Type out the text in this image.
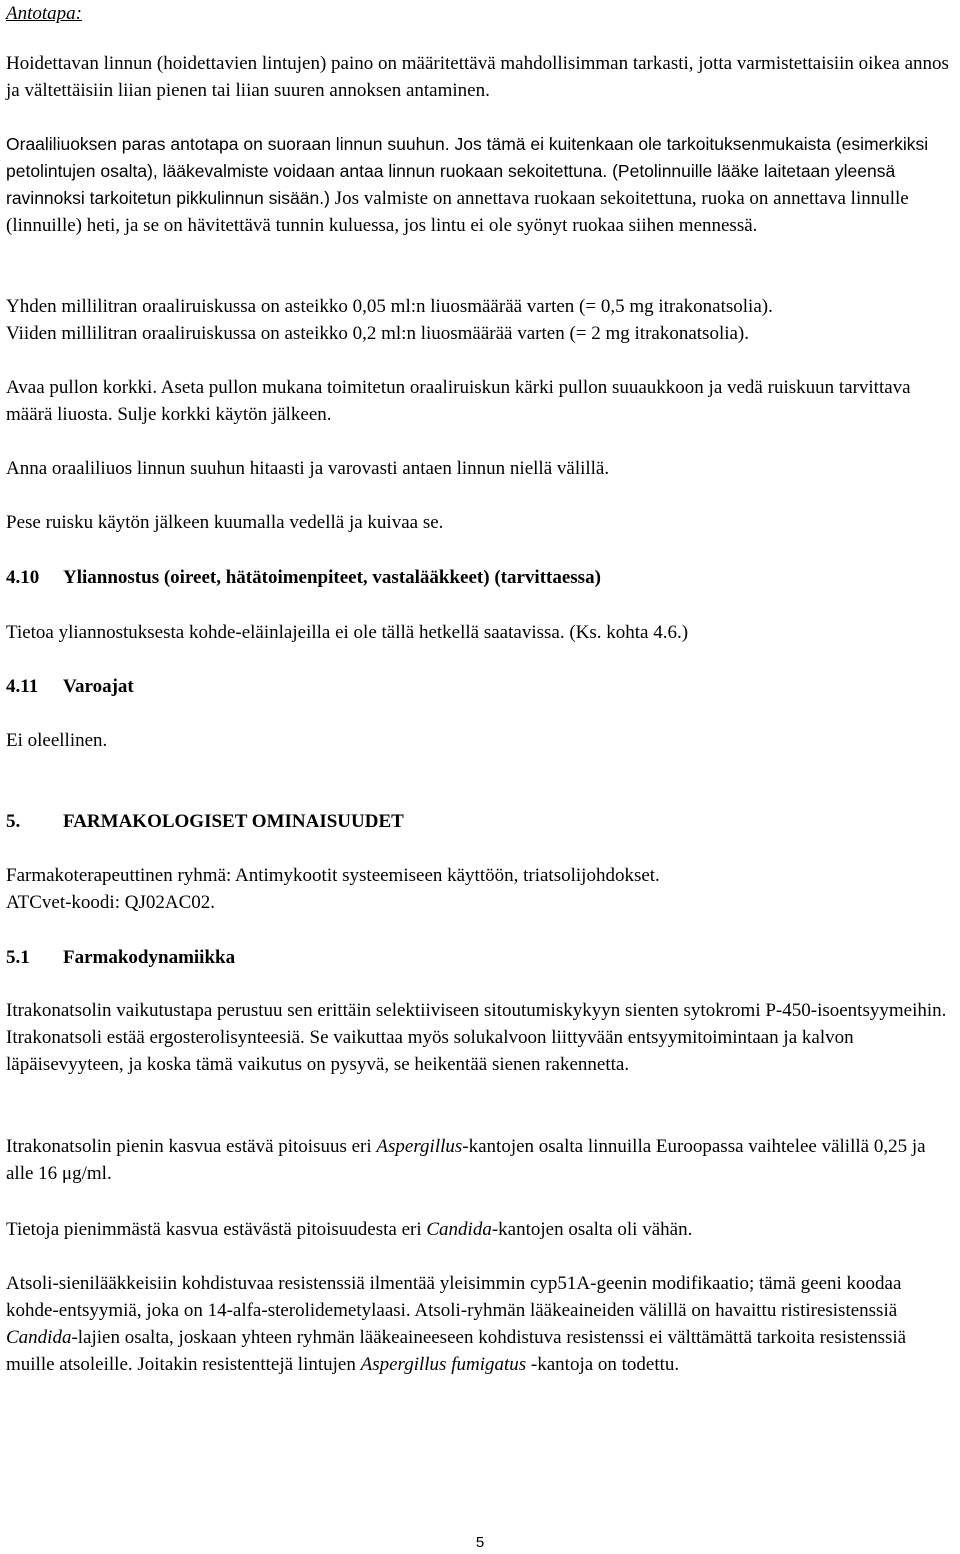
Antotapa:

Hoidettavan linnun (hoidettavien lintujen) paino on määritettävä mahdollisimman tarkasti, jotta varmistettaisiin oikea annos ja vältettäisiin liian pienen tai liian suuren annoksen antaminen.

Oraaliliuoksen paras antotapa on suoraan linnun suuhun. Jos tämä ei kuitenkaan ole tarkoituksenmukaista (esimerkiksi petolintujen osalta), lääkevalmiste voidaan antaa linnun ruokaan sekoitettuna. (Petolinnuille lääke laitetaan yleensä ravinnoksi tarkoitetun pikkulinnun sisään.) Jos valmiste on annettava ruokaan sekoitettuna, ruoka on annettava linnulle (linnuille) heti, ja se on hävitettävä tunnin kuluessa, jos lintu ei ole syönyt ruokaa siihen mennessä.

Yhden millilitran oraaliruiskussa on asteikko 0,05 ml:n liuosmäärää varten (= 0,5 mg itrakonatsolia).
Viiden millilitran oraaliruiskussa on asteikko 0,2 ml:n liuosmäärää varten (= 2 mg itrakonatsolia).

Avaa pullon korkki. Aseta pullon mukana toimitetun oraaliruiskun kärki pullon suuaukkoon ja vedä ruiskuun tarvittava määrä liuosta. Sulje korkki käytön jälkeen.

Anna oraaliliuos linnun suuhun hitaasti ja varovasti antaen linnun niellä välillä.

Pese ruisku käytön jälkeen kuumalla vedellä ja kuivaa se.

4.10 Yliannostus (oireet, hätätoimenpiteet, vastalääkkeet) (tarvittaessa)

Tietoa yliannostuksesta kohde-eläinlajeilla ei ole tällä hetkellä saatavissa. (Ks. kohta 4.6.)

4.11 Varoajat

Ei oleellinen.

5. FARMAKOLOGISET OMINAISUUDET
Farmakoterapeuttinen ryhmä: Antimykootit systeemiseen käyttöön, triatsolijohdokset.
ATCvet-koodi: QJ02AC02.
5.1 Farmakodynamiikka

Itrakonatsolin vaikutustapa perustuu sen erittäin selektiiviseen sitoutumiskykyyn sienten sytokromi P-450-isoentsyymeihin. Itrakonatsoli estää ergosterolisynteesiä. Se vaikuttaa myös solukalvoon liittyvään entsyymitoimintaan ja kalvon läpäisevyyteen, ja koska tämä vaikutus on pysyvä, se heikentää sienen rakennetta.

Itrakonatsolin pienin kasvua estävä pitoisuus eri Aspergillus-kantojen osalta linnuilla Euroopassa vaihtelee välillä 0,25 ja alle 16 μg/ml.

Tietoja pienimmästä kasvua estävästä pitoisuudesta eri Candida-kantojen osalta oli vähän.

Atsoli-sienilääkkeisiin kohdistuvaa resistenssiä ilmentää yleisimmin cyp51A-geenin modifikaatio; tämä geeni koodaa kohde-entsyymiä, joka on 14-alfa-sterolidemetylaasi. Atsoli-ryhmän lääkeaineiden välillä on havaittu ristiresistenssiä Candida-lajien osalta, joskaan yhteen ryhmän lääkeaineeseen kohdistuva resistenssi ei välttämättä tarkoita resistenssiä muille atsoleille. Joitakin resistenttejä lintujen Aspergillus fumigatus -kantoja on todettu.

5
